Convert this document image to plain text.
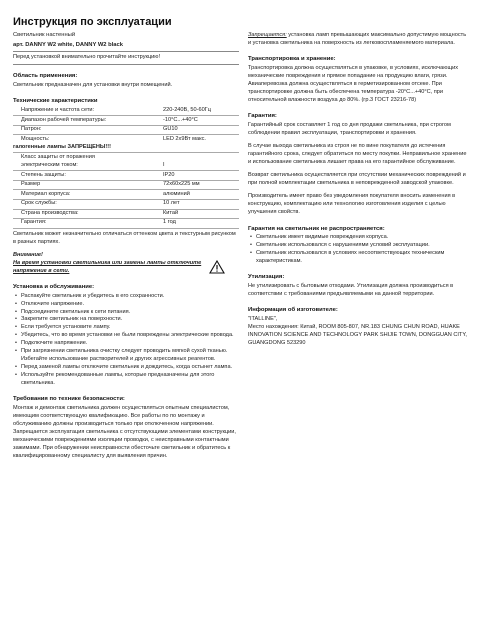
Инструкция по эксплуатации
Светильник настенный
арт. DANNY W2 white, DANNY W2 black

Перед установкой внимательно прочитайте инструкцию!

Область применения:

Светильник предназначен для установки внутри помещений.

Технические характеристики
Напряжение и частота сети:	220-240В, 50-60Гц
Диапазон рабочей температуры:	-10°C...+40°C
Патрон:	GU10
Мощность:	LED 2x9Вт макс.
галогенные лампы ЗАПРЕЩЕНЫ!!!	
Класс защиты от поражения	
электрическим током:	I
Степень защиты:	IP20
Размер	72х60х225 мм
Материал корпуса:	алюминий
Срок службы:	10 лет
Страна производства:	Китай
Гарантия:	1 год

Светильник может незначительно отличаться оттенком цвета и текстурным рисунком в разных партиях.

Внимание!
На время установки светильника или замены лампы отключите напряжение в сети.
Установка и обслуживание:
• Распакуйте светильник и убедитесь в его сохранности.
• Отключите напряжение.
• Подсоедините светильник к сети питания.
• Закрепите светильник на поверхности.
• Если требуется установите лампу.
• Убедитесь, что во время установки не были повреждены электрические провода.
• Подключите напряжение.
• При загрязнении светильника очистку следует проводить мягкой сухой тканью. Избегайте использование растворителей и других агрессивных реагентов.
• Перед заменой лампы отключите светильник и дождитесь, когда остынет лампа.
• Используйте рекомендованные лампы, которые предназначены для этого светильника.
Требования по технике безопасности:

Монтаж и демонтаж светильника должен осуществляться опытным специалистом, имеющим соответствующую квалификацию. Все работы по по монтажу и обслуживанию должны производиться только при отключенном напряжении. Запрещается эксплуатация светильника с отсутствующими элементами конструкции, механическими повреждениями изоляции проводки, с неисправными контактными зажимами. При обнаружении неисправности обесточьте светильник и обратитесь к квалифицированному специалисту для выявления причин.

Запрещается: установка ламп превышающих максимально допустимую мощность и установка светильника на поверхность из легковоспламеняемого материала.

Транспортировка и хранение:

Транспортировка должна осуществляться в упаковке, в условиях, исключающих механические повреждения и прямое попадание на продукцию влаги, грязи. Авиаперевозка должна осуществляться в герметизированном отсеке. При транспортировке должна быть обеспечена температура -20°C...+40°C, при относительной влажности воздуха до 80%. (гр.3 ГОСТ 23216-78)

Гарантия:

Гарантийный срок составляет 1 год со дня продажи светильника, при строгом соблюдении правил эксплуатации, транспортировки и хранения.

В случае выхода светильника из строя не по вине покупателя до истечения гарантийного срока, следует обратиться по месту покупки. Неправильное хранение и использование светильника лишает права на его гарантийное обслуживание.

Возврат светильника осуществляется при отсутствии механических повреждений и при полной комплектации светильника в неповрежденной заводской упаковке.

Производитель имеет право без уведомления покупателя вносить изменения в конструкцию, комплектацию или технологию изготовления изделия с целью улучшения свойств.

Гарантия на светильник не распространяется:
• Светильник имеет видимые повреждения корпуса.
• Светильник использовался с нарушениями условий эксплуатации.
• Светильник использовался в условиях несоответствующих техническим характеристикам.
Утилизация:

Не утилизировать с бытовыми отходами. Утилизация должна производиться в соответствии с требованиями предъявляемыми на данной территории.

Информация об изготовителе:

"ITALLINE",

Место нахождения: Китай, ROOM 805-807, NR.183 CHUNG CHUN ROAD, HUAKE INNOVATION SCIENCE AND TECHNOLOGY PARK SHIJIE TOWN, DONGGUAN CITY, GUANGDONG 523290
